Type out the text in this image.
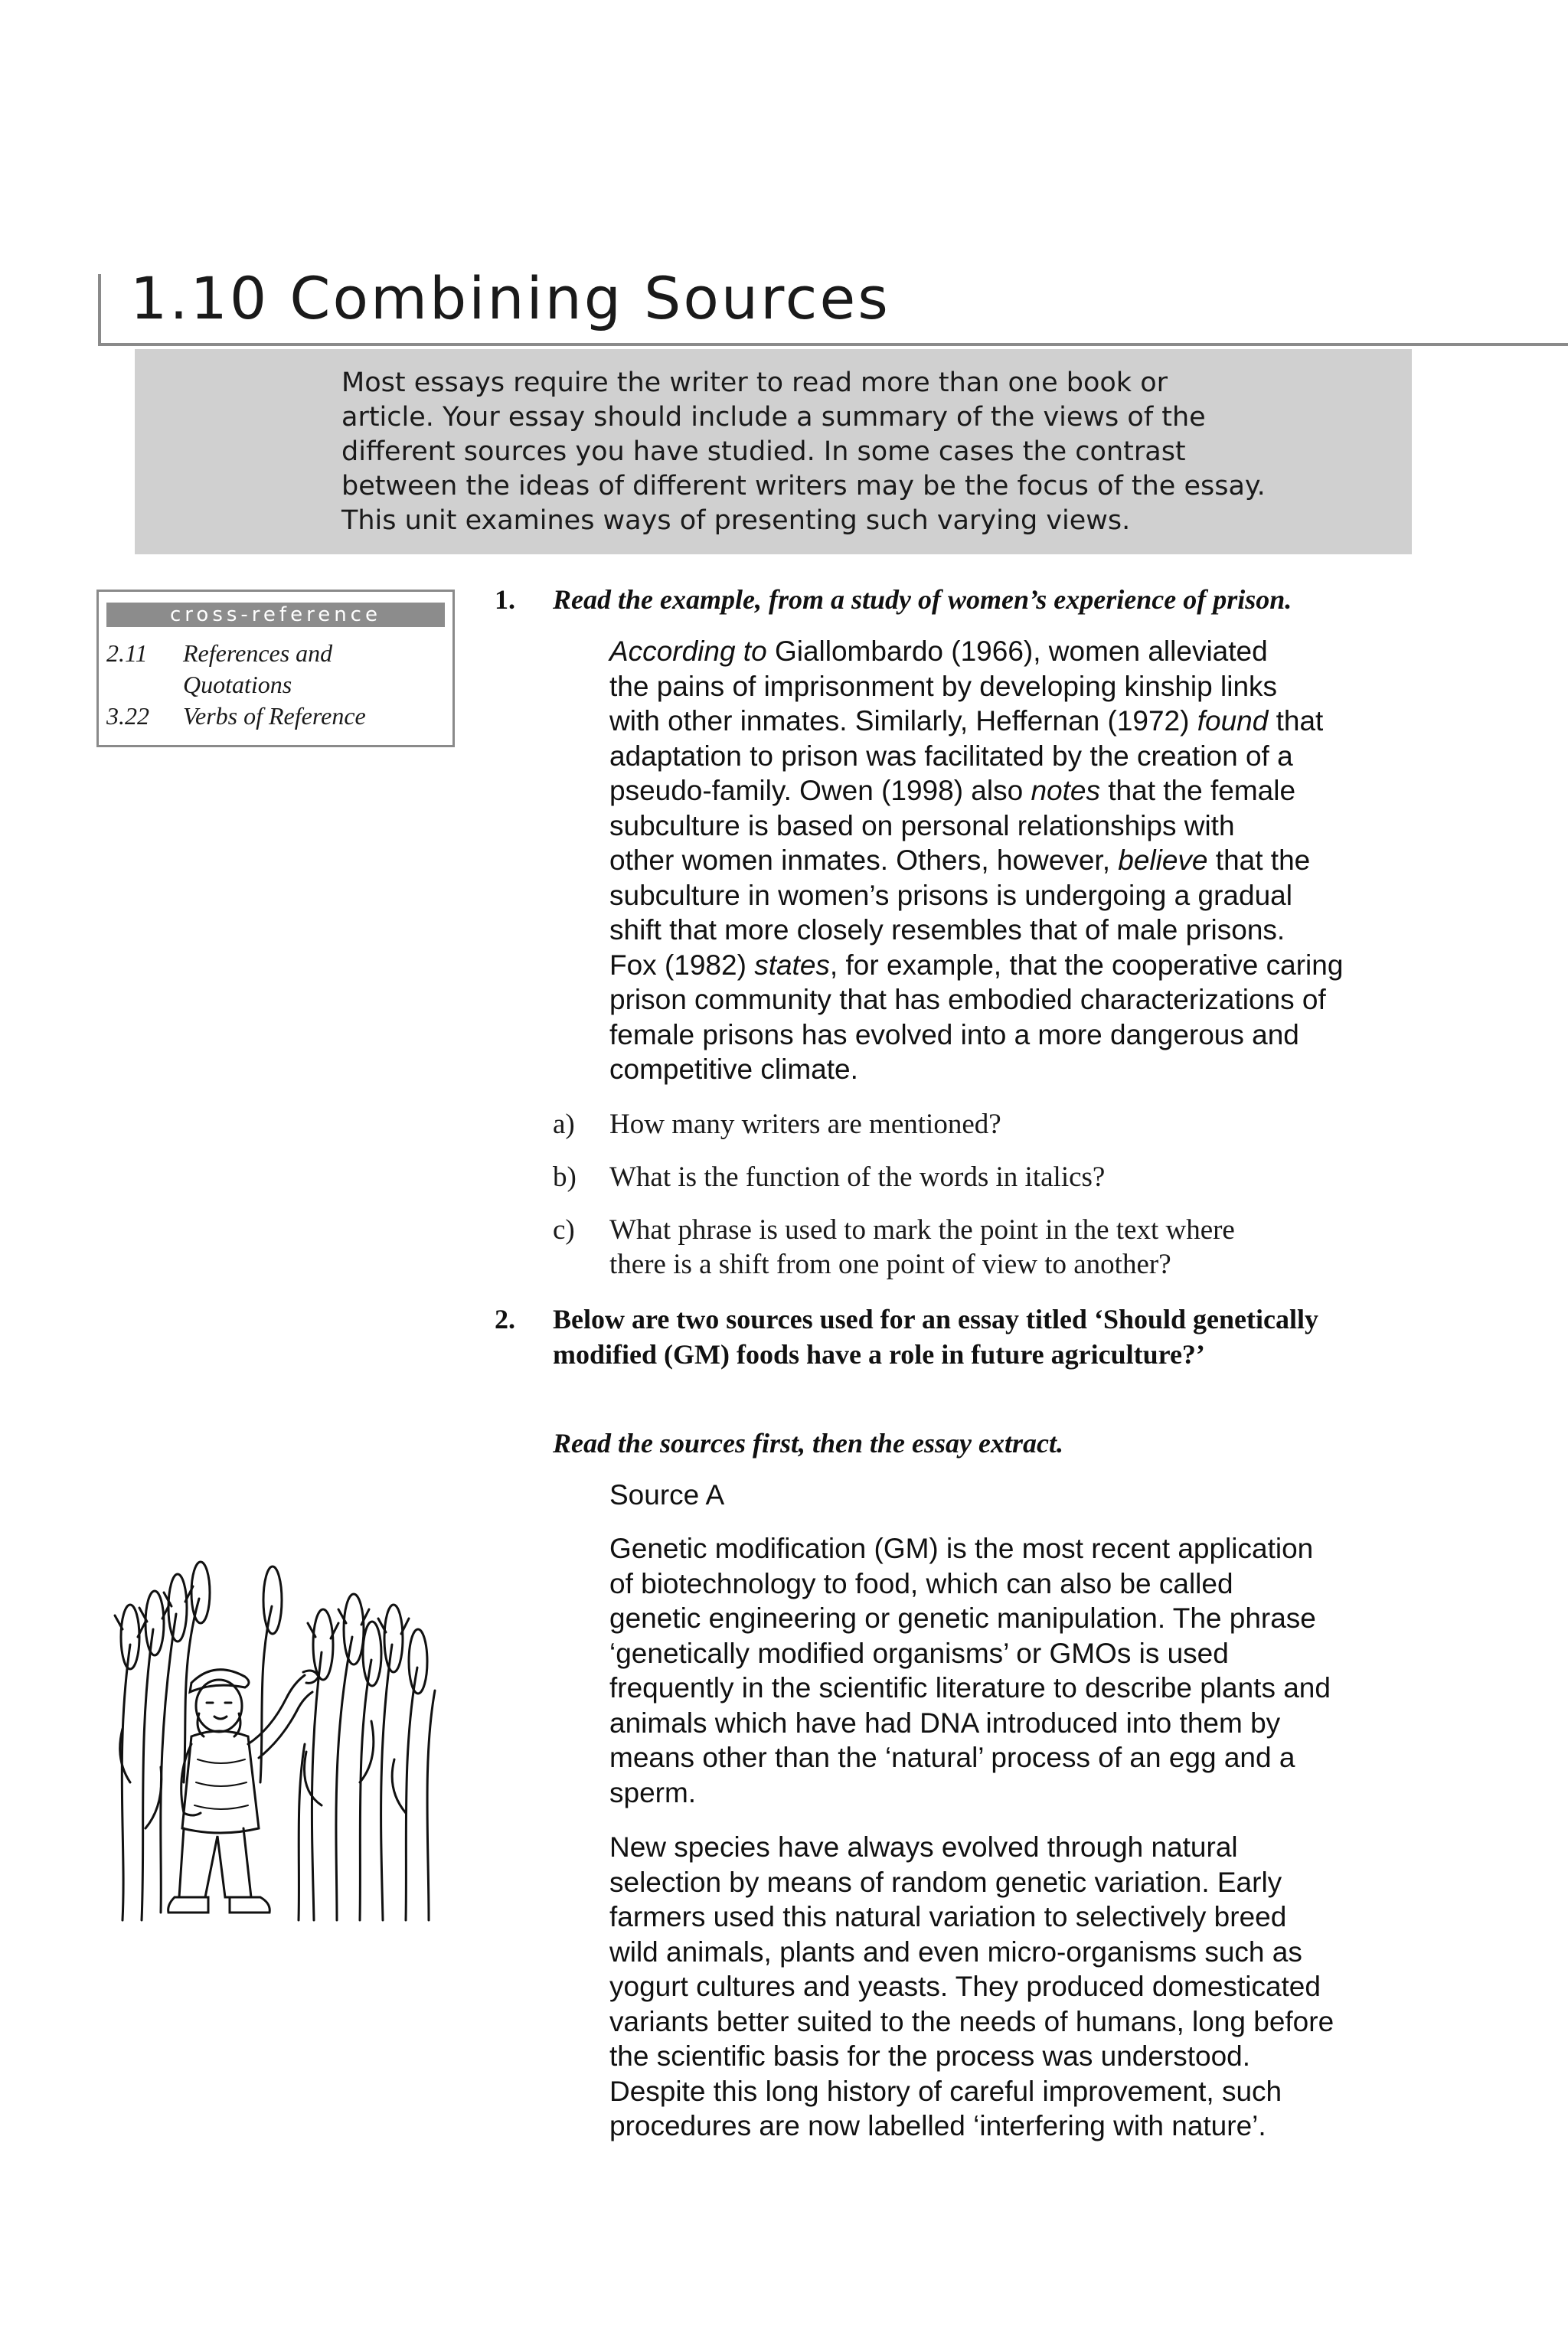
1.10 Combining Sources

Most essays require the writer to read more than one book or
article. Your essay should include a summary of the views of the
different sources you have studied. In some cases the contrast
between the ideas of different writers may be the focus of the essay.
This unit examines ways of presenting such varying views.

cross-reference
2.11	References and
Quotations
3.22	Verbs of Reference
1. Read the example, from a study of women’s experience of prison.

According to Giallombardo (1966), women alleviated
the pains of imprisonment by developing kinship links
with other inmates. Similarly, Heffernan (1972) found that
adaptation to prison was facilitated by the creation of a
pseudo-family. Owen (1998) also notes that the female
subculture is based on personal relationships with
other women inmates. Others, however, believe that the
subculture in women’s prisons is undergoing a gradual
shift that more closely resembles that of male prisons.
Fox (1982) states, for example, that the cooperative caring
prison community that has embodied characterizations of
female prisons has evolved into a more dangerous and
competitive climate.

a)	How many writers are mentioned?
b)	What is the function of the words in italics?
c)	What phrase is used to mark the point in the text where
there is a shift from one point of view to another?
2. Below are two sources used for an essay titled ‘Should genetically modified (GM) foods have a role in future agriculture?’

Read the sources first, then the essay extract.

Source A

Genetic modification (GM) is the most recent application
of biotechnology to food, which can also be called
genetic engineering or genetic manipulation. The phrase
‘genetically modified organisms’ or GMOs is used
frequently in the scientific literature to describe plants and
animals which have had DNA introduced into them by
means other than the ‘natural’ process of an egg and a
sperm.

New species have always evolved through natural
selection by means of random genetic variation. Early
farmers used this natural variation to selectively breed
wild animals, plants and even micro-organisms such as
yogurt cultures and yeasts. They produced domesticated
variants better suited to the needs of humans, long before
the scientific basis for the process was understood.
Despite this long history of careful improvement, such
procedures are now labelled ‘interfering with nature’.
